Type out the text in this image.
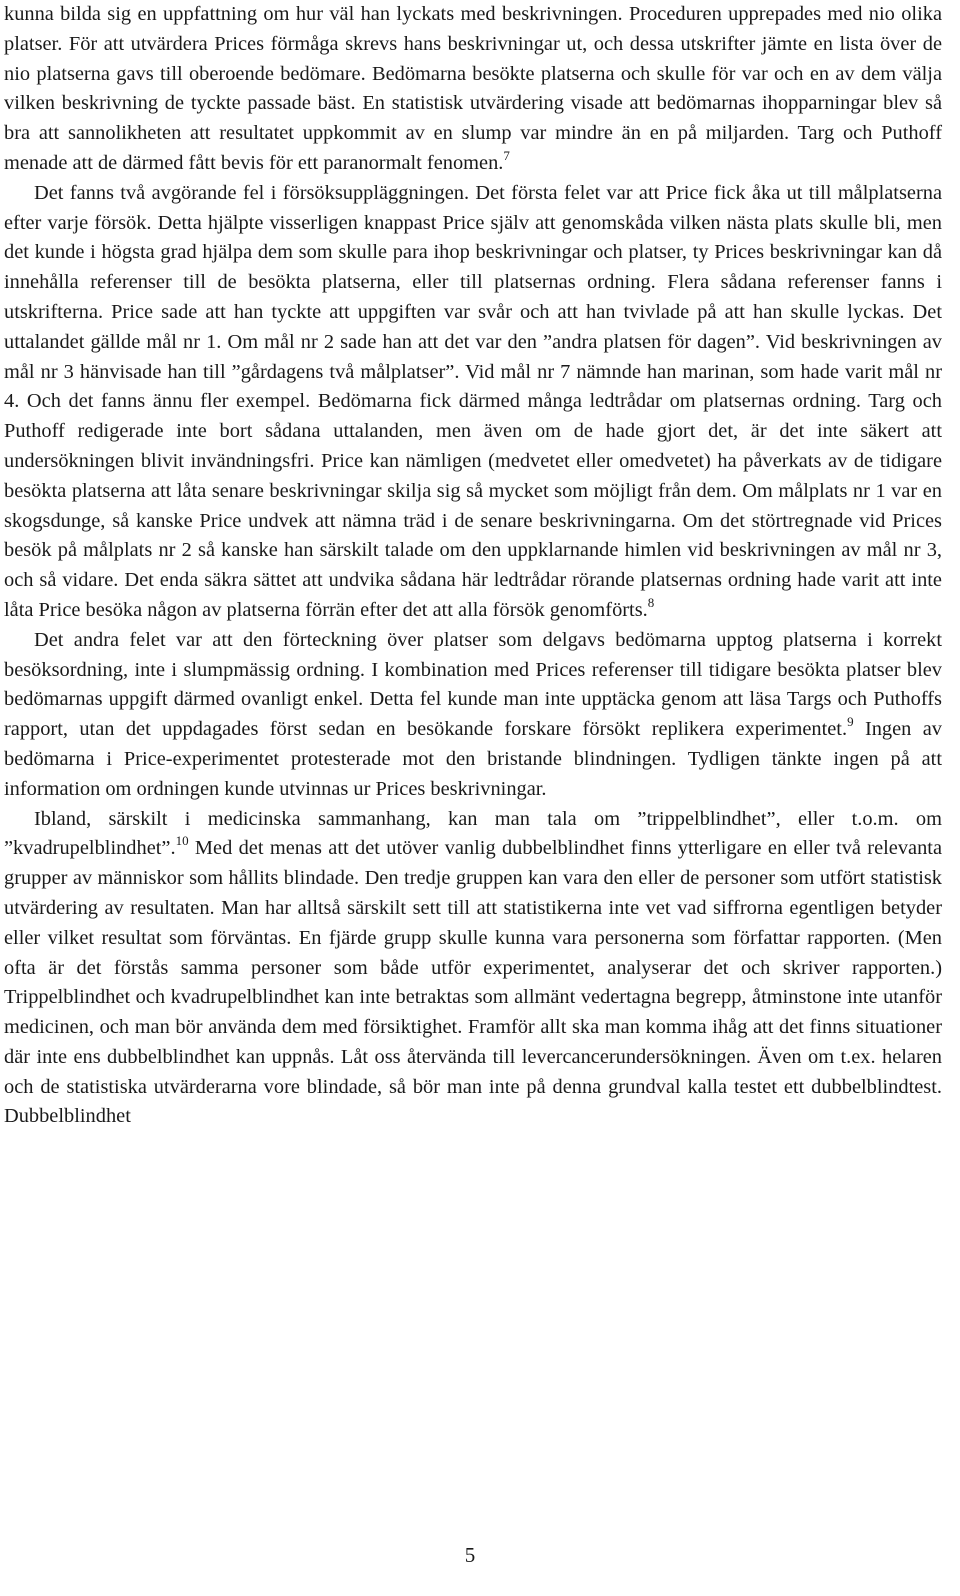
kunna bilda sig en uppfattning om hur väl han lyckats med beskrivningen. Proceduren upprepades med nio olika platser. För att utvärdera Prices förmåga skrevs hans beskrivningar ut, och dessa utskrifter jämte en lista över de nio platserna gavs till oberoende bedömare. Bedömarna besökte platserna och skulle för var och en av dem välja vilken beskrivning de tyckte passade bäst. En statistisk utvärdering visade att bedömarnas ihopparningar blev så bra att sannolikheten att resultatet uppkommit av en slump var mindre än en på miljarden. Targ och Puthoff menade att de därmed fått bevis för ett paranormalt fenomen.$^7$

Det fanns två avgörande fel i försöksuppläggningen. Det första felet var att Price fick åka ut till målplatserna efter varje försök. Detta hjälpte visserligen knappast Price själv att genomskåda vilken nästa plats skulle bli, men det kunde i högsta grad hjälpa dem som skulle para ihop beskrivningar och platser, ty Prices beskrivningar kan då innehålla referenser till de besökta platserna, eller till platsernas ordning. Flera sådana referenser fanns i utskrifterna. Price sade att han tyckte att uppgiften var svår och att han tvivlade på att han skulle lyckas. Det uttalandet gällde mål nr 1. Om mål nr 2 sade han att det var den ”andra platsen för dagen”. Vid beskrivningen av mål nr 3 hänvisade han till ”gårdagens två målplatser”. Vid mål nr 7 nämnde han marinan, som hade varit mål nr 4. Och det fanns ännu fler exempel. Bedömarna fick därmed många ledtrådar om platsernas ordning. Targ och Puthoff redigerade inte bort sådana uttalanden, men även om de hade gjort det, är det inte säkert att undersökningen blivit invändningsfri. Price kan nämligen (medvetet eller omedvetet) ha påverkats av de tidigare besökta platserna att låta senare beskrivningar skilja sig så mycket som möjligt från dem. Om målplats nr 1 var en skogsdunge, så kanske Price undvek att nämna träd i de senare beskrivningarna. Om det störtregnade vid Prices besök på målplats nr 2 så kanske han särskilt talade om den uppklarnande himlen vid beskrivningen av mål nr 3, och så vidare. Det enda säkra sättet att undvika sådana här ledtrådar rörande platsernas ordning hade varit att inte låta Price besöka någon av platserna förrän efter det att alla försök genomförts.$^8$

Det andra felet var att den förteckning över platser som delgavs bedömarna upptog platserna i korrekt besöksordning, inte i slumpmässig ordning. I kombination med Prices referenser till tidigare besökta platser blev bedömarnas uppgift därmed ovanligt enkel. Detta fel kunde man inte upptäcka genom att läsa Targs och Puthoffs rapport, utan det uppdagades först sedan en besökande forskare försökt replikera experimentet.$^9$ Ingen av bedömarna i Price-experimentet protesterade mot den bristande blindningen. Tydligen tänkte ingen på att information om ordningen kunde utvinnas ur Prices beskrivningar.

Ibland, särskilt i medicinska sammanhang, kan man tala om ”trippelblindhet”, eller t.o.m. om ”kvadrupelblindhet”.$^{10}$ Med det menas att det utöver vanlig dubbelblindhet finns ytterligare en eller två relevanta grupper av människor som hållits blindade. Den tredje gruppen kan vara den eller de personer som utfört statistisk utvärdering av resultaten. Man har alltså särskilt sett till att statistikerna inte vet vad siffrorna egentligen betyder eller vilket resultat som förväntas. En fjärde grupp skulle kunna vara personerna som författar rapporten. (Men ofta är det förstås samma personer som både utför experimentet, analyserar det och skriver rapporten.) Trippelblindhet och kvadrupelblindhet kan inte betraktas som allmänt vedertagna begrepp, åtminstone inte utanför medicinen, och man bör använda dem med försiktighet. Framför allt ska man komma ihåg att det finns situationer där inte ens dubbelblindhet kan uppnås. Låt oss återvända till levercancerundersökningen. Även om t.ex. helaren och de statistiska utvärderarna vore blindade, så bör man inte på denna grundval kalla testet ett dubbelblindtest. Dubbelblindhet

5
